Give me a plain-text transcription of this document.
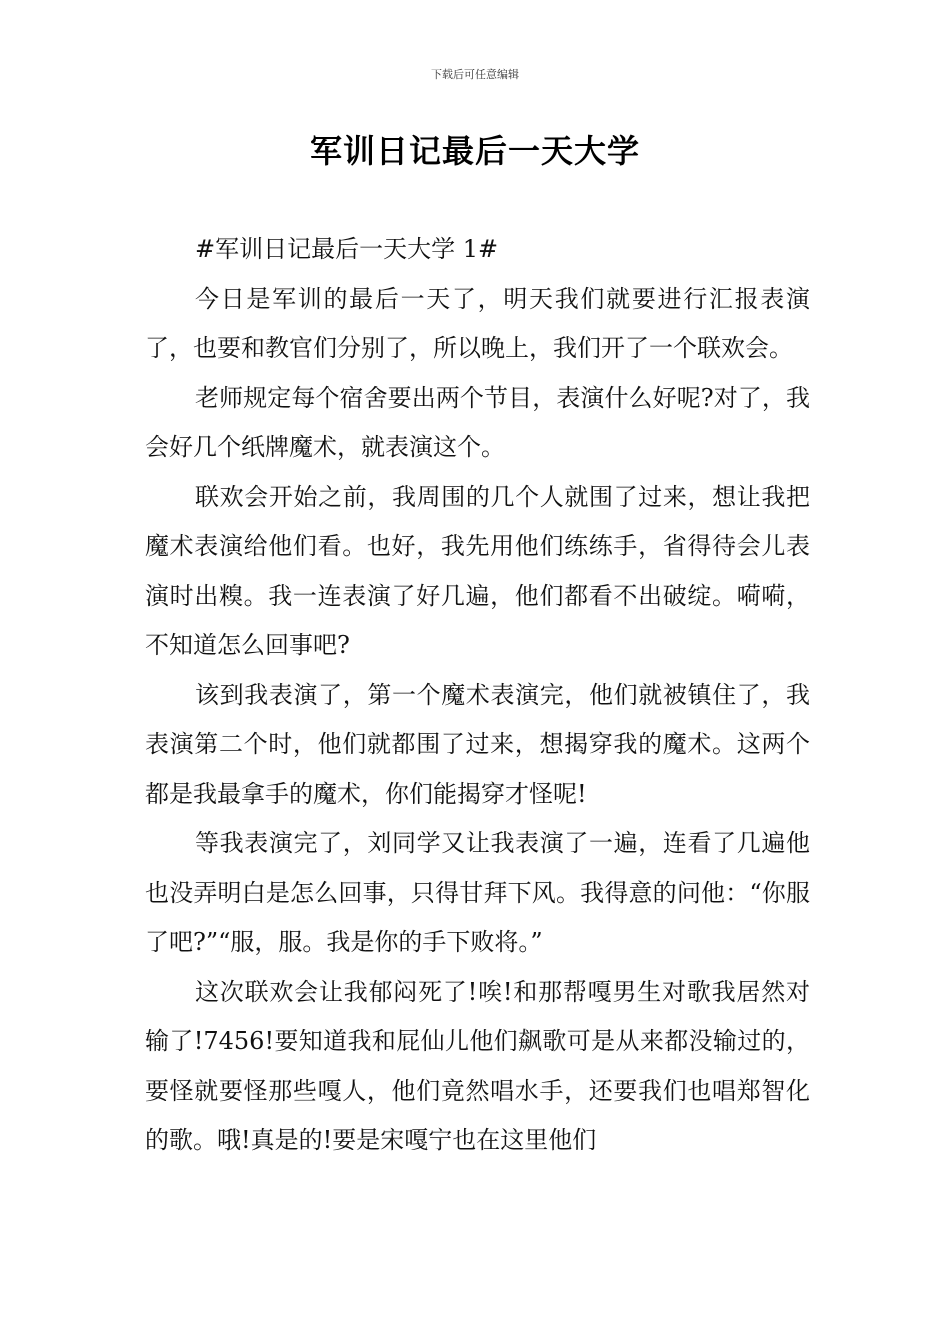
下载后可任意编辑
军训日记最后一天大学

#军训日记最后一天大学 1#

今日是军训的最后一天了，明天我们就要进行汇报表演了，也要和教官们分别了，所以晚上，我们开了一个联欢会。

老师规定每个宿舍要出两个节目，表演什么好呢?对了，我会好几个纸牌魔术，就表演这个。

联欢会开始之前，我周围的几个人就围了过来，想让我把魔术表演给他们看。也好，我先用他们练练手，省得待会儿表演时出糗。我一连表演了好几遍，他们都看不出破绽。嗬嗬，不知道怎么回事吧?

该到我表演了，第一个魔术表演完，他们就被镇住了，我表演第二个时，他们就都围了过来，想揭穿我的魔术。这两个都是我最拿手的魔术，你们能揭穿才怪呢!

等我表演完了，刘同学又让我表演了一遍，连看了几遍他也没弄明白是怎么回事，只得甘拜下风。我得意的问他：“你服了吧?”“服，服。我是你的手下败将。”

这次联欢会让我郁闷死了!唉!和那帮嘎男生对歌我居然对输了!7456!要知道我和屁仙儿他们飙歌可是从来都没输过的，要怪就要怪那些嘎人，他们竟然唱水手，还要我们也唱郑智化的歌。哦!真是的!要是宋嘎宁也在这里他们
